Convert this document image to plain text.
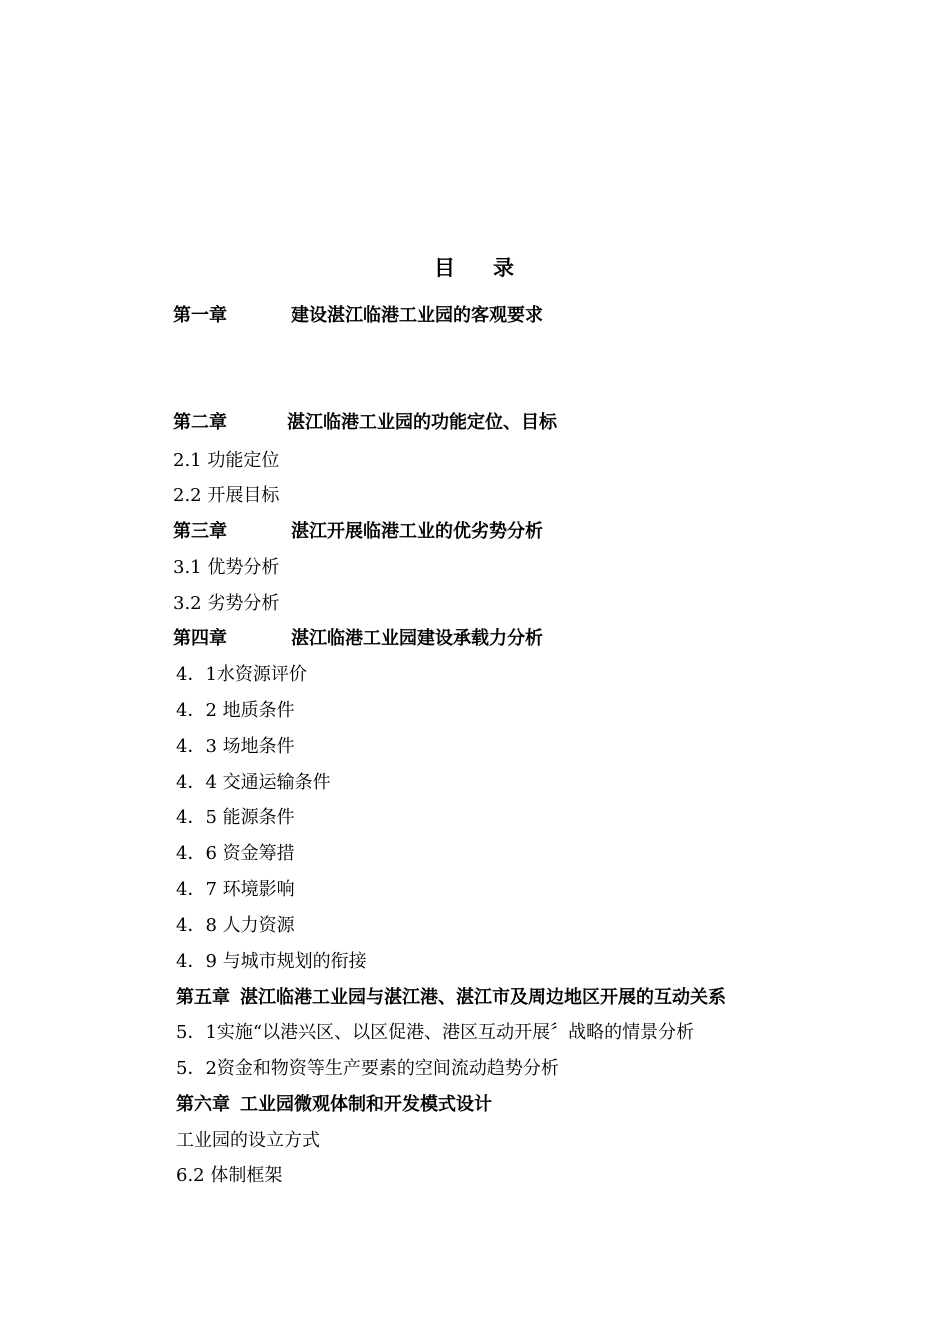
目 录
第一章	建设湛江临港工业园的客观要求
第二章	湛江临港工业园的功能定位、目标
2.1 功能定位
2.2 开展目标
第三章	湛江开展临港工业的优劣势分析
3.1 优势分析
3.2 劣势分析
第四章	湛江临港工业园建设承载力分析
4．1水资源评价
4．2 地质条件
4．3 场地条件
4．4 交通运输条件
4．5 能源条件
4．6 资金筹措
4．7 环境影响
4．8 人力资源
4．9 与城市规划的衔接
第五章 湛江临港工业园与湛江港、湛江市及周边地区开展的互动关系
5．1实施“以港兴区、以区促港、港区互动开展〞战略的情景分析
5．2资金和物资等生产要素的空间流动趋势分析
第六章 工业园微观体制和开发模式设计
工业园的设立方式
6.2 体制框架
